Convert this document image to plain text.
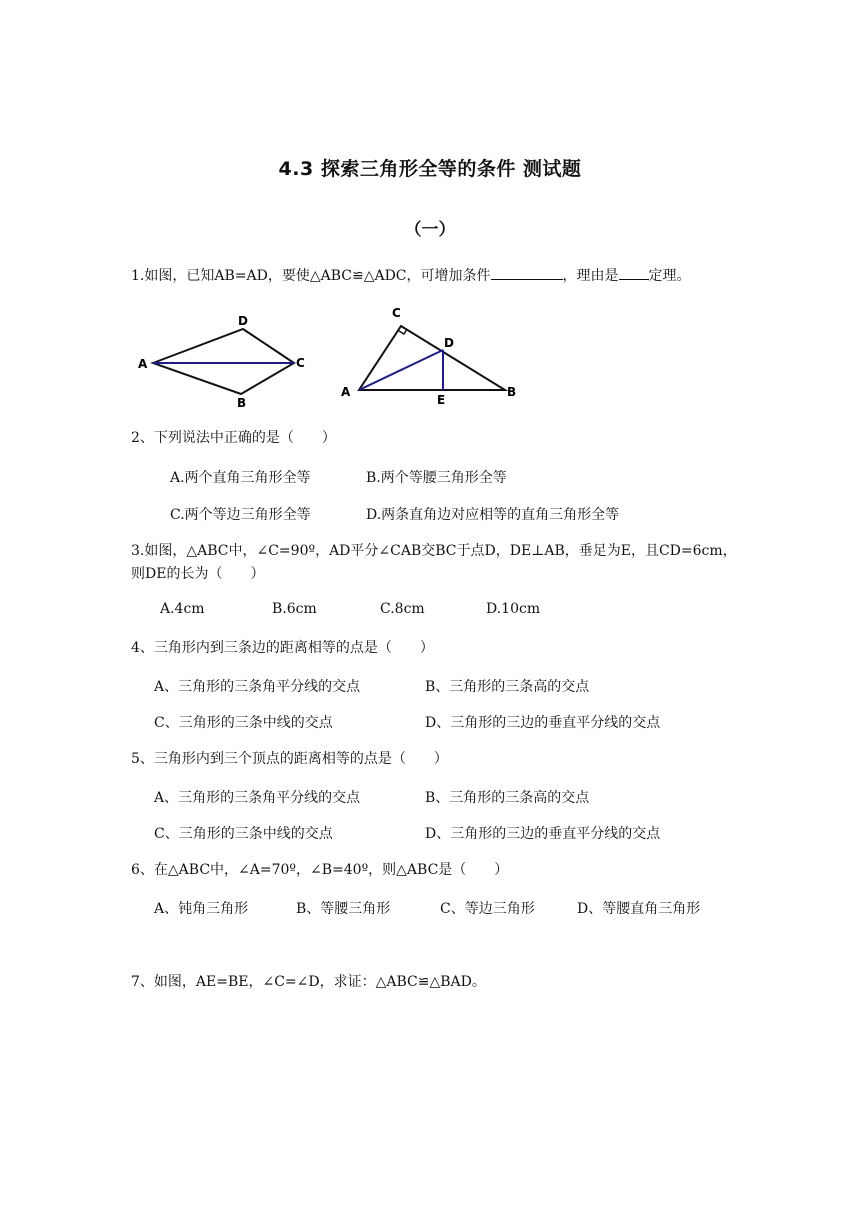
4.3 探索三角形全等的条件 测试题
（一）
1.如图，已知AB=AD，要使△ABC≌△ADC，可增加条件	，理由是 定理。
A
D
C
B
A
C
D
E
B
2、下列说法中正确的是（　　）
A.两个直角三角形全等	B.两个等腰三角形全等
C.两个等边三角形全等	D.两条直角边对应相等的直角三角形全等
3.如图，△ABC中，∠C=90º，AD平分∠CAB交BC于点D，DE⊥AB，垂足为E，且CD=6cm，
则DE的长为（　　）
A.4cm	B.6cm	C.8cm	D.10cm
4、三角形内到三条边的距离相等的点是（　　）
A、三角形的三条角平分线的交点	B、三角形的三条高的交点
C、三角形的三条中线的交点	D、三角形的三边的垂直平分线的交点
5、三角形内到三个顶点的距离相等的点是（　　）
A、三角形的三条角平分线的交点	B、三角形的三条高的交点
C、三角形的三条中线的交点	D、三角形的三边的垂直平分线的交点
6、在△ABC中，∠A=70º，∠B=40º，则△ABC是（　　）
A、钝角三角形	B、等腰三角形	C、等边三角形	D、等腰直角三角形
7、如图，AE=BE，∠C=∠D，求证：△ABC≌△BAD。
